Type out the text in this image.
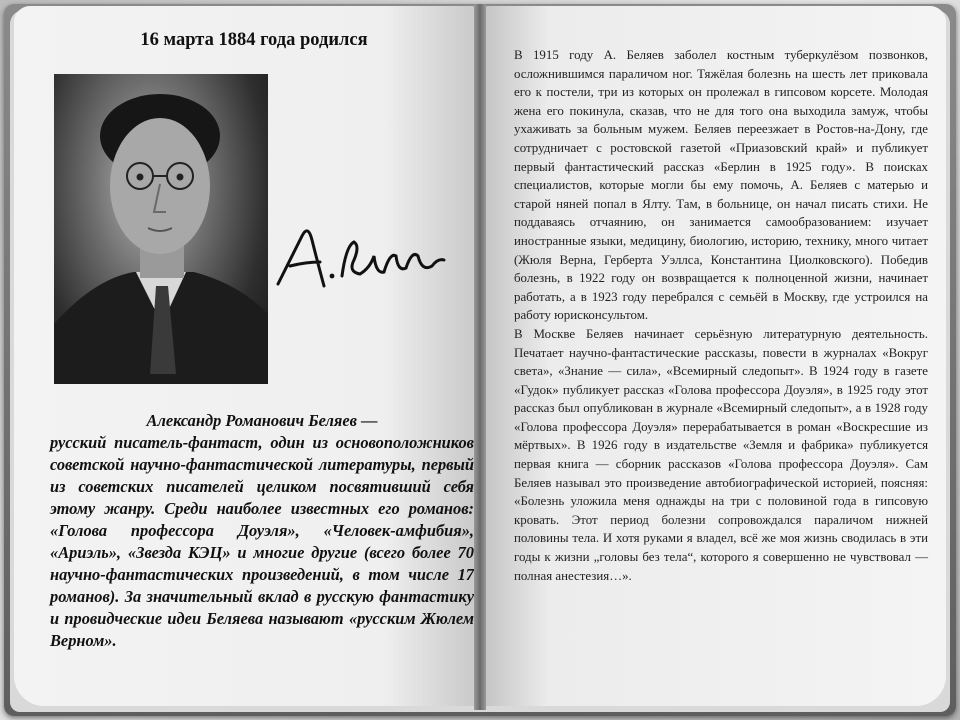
16 марта 1884 года родился

Александр Романович Беляев —

русский писатель-фантаст, один из основоположников советской научно-фантастической литературы, первый из советских писателей целиком посвятивший себя этому жанру. Среди наиболее известных его романов: «Голова профессора Доуэля», «Человек-амфибия», «Ариэль», «Звезда КЭЦ» и многие другие (всего более 70 научно-фантастических произведений, в том числе 17 романов). За значительный вклад в русскую фантастику и провидческие идеи Беляева называют «русским Жюлем Верном».

В 1915 году А. Беляев заболел костным туберкулёзом позвонков, осложнившимся параличом ног. Тяжёлая болезнь на шесть лет приковала его к постели, три из которых он пролежал в гипсовом корсете. Молодая жена его покинула, сказав, что не для того она выходила замуж, чтобы ухаживать за больным мужем. Беляев переезжает в Ростов-на-Дону, где сотрудничает с ростовской газетой «Приазовский край» и публикует первый фантастический рассказ «Берлин в 1925 году». В поисках специалистов, которые могли бы ему помочь, А. Беляев с матерью и старой няней попал в Ялту. Там, в больнице, он начал писать стихи. Не поддаваясь отчаянию, он занимается самообразованием: изучает иностранные языки, медицину, биологию, историю, технику, много читает (Жюля Верна, Герберта Уэллса, Константина Циолковского). Победив болезнь, в 1922 году он возвращается к полноценной жизни, начинает работать, а в 1923 году перебрался с семьёй в Москву, где устроился на работу юрисконсультом.

В Москве Беляев начинает серьёзную литературную деятельность. Печатает научно-фантастические рассказы, повести в журналах «Вокруг света», «Знание — сила», «Всемирный следопыт». В 1924 году в газете «Гудок» публикует рассказ «Голова профессора Доуэля», в 1925 году этот рассказ был опубликован в журнале «Всемирный следопыт», а в 1928 году «Голова профессора Доуэля» перерабатывается в роман «Воскресшие из мёртвых». В 1926 году в издательстве «Земля и фабрика» публикуется первая книга — сборник рассказов «Голова профессора Доуэля». Сам Беляев называл это произведение автобиографической историей, поясняя: «Болезнь уложила меня однажды на три с половиной года в гипсовую кровать. Этот период болезни сопровождался параличом нижней половины тела. И хотя руками я владел, всё же моя жизнь сводилась в эти годы к жизни „головы без тела“, которого я совершенно не чувствовал — полная анестезия…».
